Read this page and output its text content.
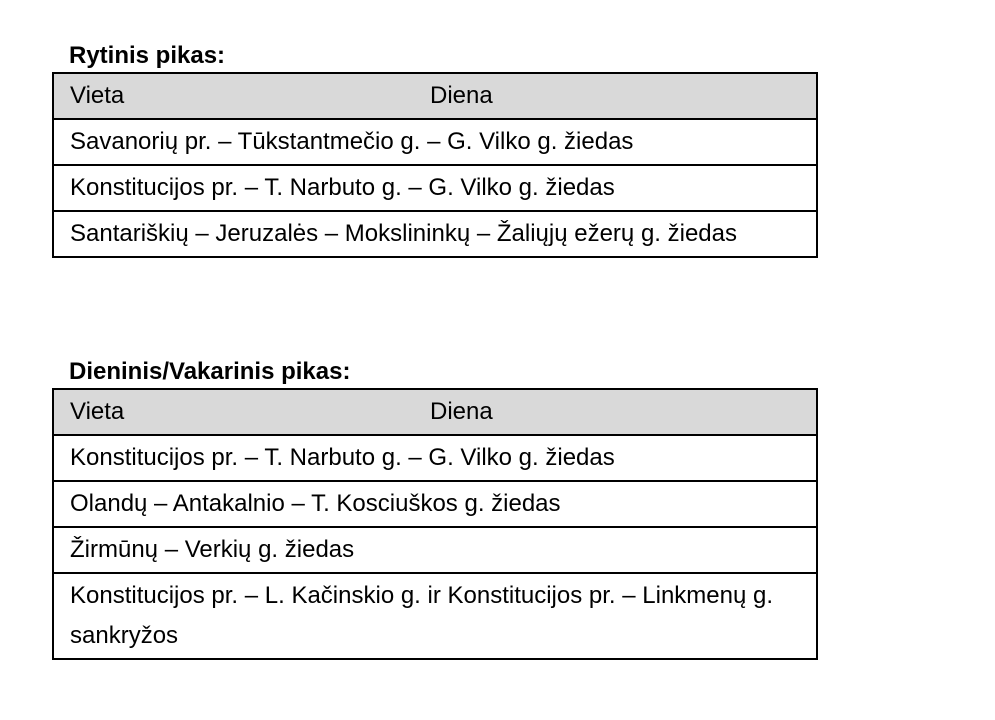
Rytinis pikas:
Vieta	Diena
Savanorių pr. – Tūkstantmečio g. – G. Vilko g. žiedas
Konstitucijos pr. – T. Narbuto g. – G. Vilko g. žiedas
Santariškių – Jeruzalės – Mokslininkų – Žaliųjų ežerų g. žiedas
Dieninis/Vakarinis pikas:
Vieta	Diena
Konstitucijos pr. – T. Narbuto g. – G. Vilko g. žiedas
Olandų – Antakalnio – T. Kosciuškos g. žiedas
Žirmūnų – Verkių g. žiedas
Konstitucijos pr. – L. Kačinskio g. ir Konstitucijos pr. – Linkmenų g. sankryžos
